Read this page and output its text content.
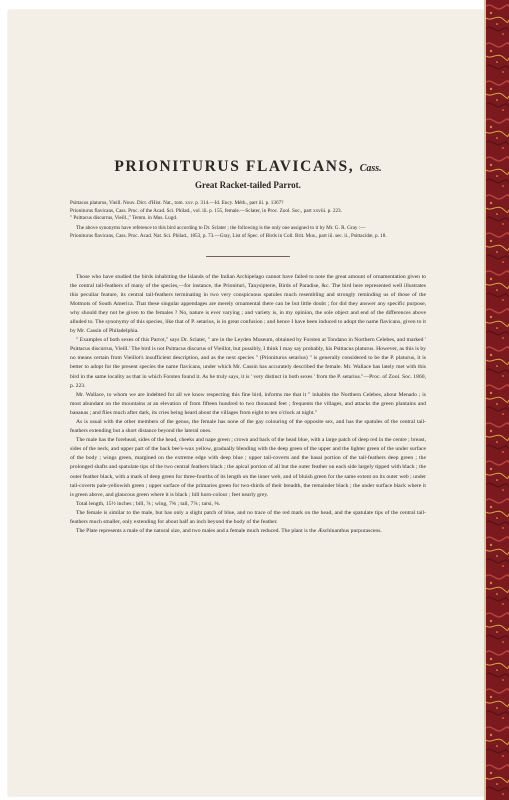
PRIONITURUS FLAVICANS, Cass.
Great Racket-tailed Parrot.

Psittacus platurus, Vieill. Nouv. Dict. d'Hist. Nat., tom. xxv. p. 314.—Id. Ency. Méth., part iii. p. 1367?

Prioniturus flavicans, Cass. Proc. of the Acad. Sci. Philad., vol. iii. p. 155, female.—Sclater, in Proc. Zool. Soc., part xxviii. p. 223.

" Psittacus discurrus, Vieill.," Temm. in Mus. Lugd.

The above synonyms have reference to this bird according to Dr. Sclater ; the following is the only one assigned to it by Mr. G. R. Gray :—

Prioniturus flavicans, Cass. Proc. Acad. Nat. Sci. Philad., 1853, p. 73.—Gray, List of Spec. of Birds in Coll. Brit. Mus., part iii. sec. ii., Psittacidæ, p. 18.

Those who have studied the birds inhabiting the Islands of the Indian Archipelago cannot have failed to note the great amount of ornamentation given to the central tail-feathers of many of the species,—for instance, the Prionituri, Tanysipteræ, Birds of Paradise, &c. The bird here represented well illustrates this peculiar feature, its central tail-feathers terminating in two very conspicuous spatules much resembling and strongly reminding us of those of the Motmots of South America. That these singular appendages are merely ornamental there can be but little doubt ; for did they answer any specific purpose, why should they not be given to the females ? No, nature is ever varying ; and variety is, in my opinion, the sole object and end of the differences above alluded to. The synonymy of this species, like that of P. setarius, is in great confusion ; and hence I have been induced to adopt the name flavicans, given to it by Mr. Cassin of Philadelphia.

" Examples of both sexes of this Parrot," says Dr. Sclater, " are in the Leyden Museum, obtained by Forsten at Tondano in Northern Celebes, and marked ' Psittacus discurrus, Vieill.' The bird is not Psittacus discurus of Vieillot, but possibly, I think I may say probably, his Psittacus platurus. However, as this is by no means certain from Vieillot's insufficient description, and as the next species " (Prioniturus setarius) " is generally considered to be the P. platurus, it is better to adopt for the present species the name flavicans, under which Mr. Cassin has accurately described the female. Mr. Wallace has lately met with this bird in the same locality as that in which Forsten found it. As he truly says, it is ' very distinct in both sexes ' from the P. setarius."—Proc. of Zool. Soc. 1860, p. 223.

Mr. Wallace, to whom we are indebted for all we know respecting this fine bird, informs me that it " inhabits the Northern Celebes, about Menado ; is most abundant on the mountains at an elevation of from fifteen hundred to two thousand feet ; frequents the villages, and attacks the green plantains and bananas ; and flies much after dark, its cries being heard about the villages from eight to ten o'clock at night."

As is usual with the other members of the genus, the female has none of the gay colouring of the opposite sex, and has the spatules of the central tail-feathers extending but a short distance beyond the lateral ones.

The male has the forehead, sides of the head, cheeks and nape green ; crown and back of the head blue, with a large patch of deep red in the centre ; breast, sides of the neck, and upper part of the back bee's-wax yellow, gradually blending with the deep green of the upper and the lighter green of the under surface of the body ; wings green, margined on the extreme edge with deep blue ; upper tail-coverts and the basal portion of the tail-feathers deep green ; the prolonged shafts and spatulate tips of the two central feathers black ; the apical portion of all but the outer feather on each side largely tipped with black ; the outer feather black, with a mark of deep green for three-fourths of its length on the inner web, and of bluish green for the same extent on its outer web ; under tail-coverts pale-yellowish green ; upper surface of the primaries green for two-thirds of their breadth, the remainder black ; the under surface black where it is green above, and glaucous green where it is black ; bill horn-colour ; feet nearly grey.

Total length, 15½ inches ; bill, ⅞ ; wing, 7⅜ ; tail, 7⅞ ; tarsi, ⅝.

The female is similar to the male, but has only a slight patch of blue, and no trace of the red mark on the head, and the spatulate tips of the central tail-feathers much smaller, only extending for about half an inch beyond the body of the feather.

The Plate represents a male of the natural size, and two males and a female much reduced. The plant is the Æschinanthus purpurascens.
